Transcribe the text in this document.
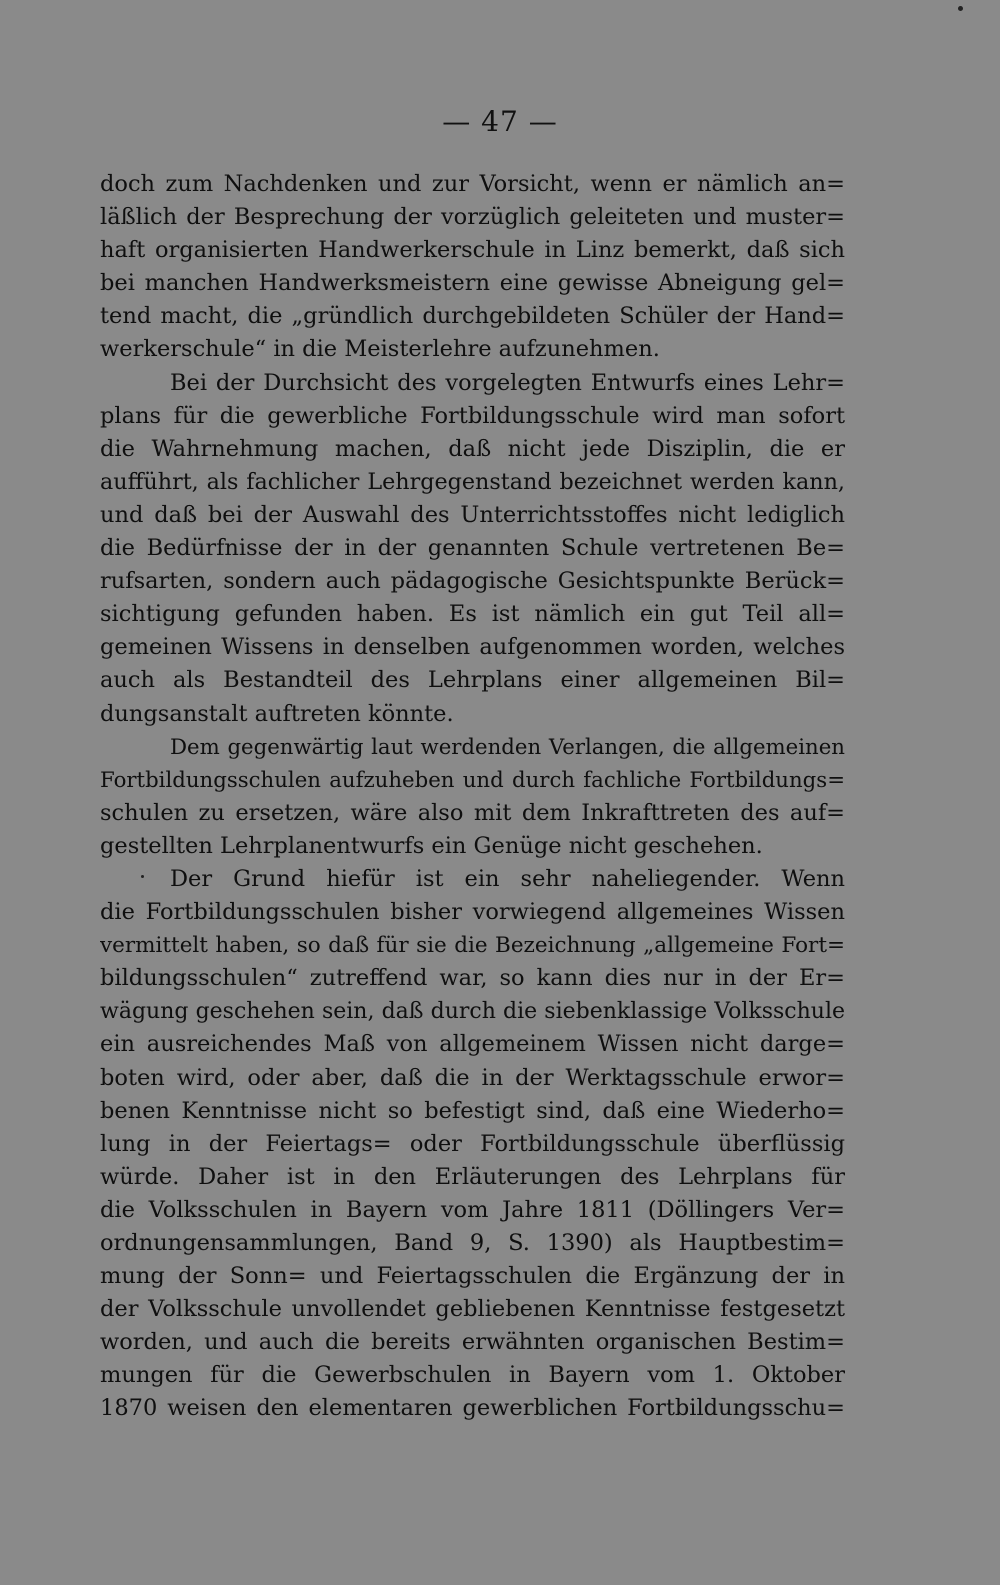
— 47 —
doch zum Nachdenken und zur Vorsicht, wenn er nämlich an=
läßlich der Besprechung der vorzüglich geleiteten und muster=
haft organisierten Handwerkerschule in Linz bemerkt, daß sich
bei manchen Handwerksmeistern eine gewisse Abneigung gel=
tend macht, die „gründlich durchgebildeten Schüler der Hand=
werkerschule“ in die Meisterlehre aufzunehmen.
Bei der Durchsicht des vorgelegten Entwurfs eines Lehr=
plans für die gewerbliche Fortbildungsschule wird man sofort
die Wahrnehmung machen, daß nicht jede Disziplin, die er
aufführt, als fachlicher Lehrgegenstand bezeichnet werden kann,
und daß bei der Auswahl des Unterrichtsstoffes nicht lediglich
die Bedürfnisse der in der genannten Schule vertretenen Be=
rufsarten, sondern auch pädagogische Gesichtspunkte Berück=
sichtigung gefunden haben. Es ist nämlich ein gut Teil all=
gemeinen Wissens in denselben aufgenommen worden, welches
auch als Bestandteil des Lehrplans einer allgemeinen Bil=
dungsanstalt auftreten könnte.
Dem gegenwärtig laut werdenden Verlangen, die allgemeinen
Fortbildungsschulen aufzuheben und durch fachliche Fortbildungs=
schulen zu ersetzen, wäre also mit dem Inkrafttreten des auf=
gestellten Lehrplanentwurfs ein Genüge nicht geschehen.
Der Grund hiefür ist ein sehr naheliegender. Wenn
die Fortbildungsschulen bisher vorwiegend allgemeines Wissen
vermittelt haben, so daß für sie die Bezeichnung „allgemeine Fort=
bildungsschulen“ zutreffend war, so kann dies nur in der Er=
wägung geschehen sein, daß durch die siebenklassige Volksschule
ein ausreichendes Maß von allgemeinem Wissen nicht darge=
boten wird, oder aber, daß die in der Werktagsschule erwor=
benen Kenntnisse nicht so befestigt sind, daß eine Wiederho=
lung in der Feiertags= oder Fortbildungsschule überflüssig
würde. Daher ist in den Erläuterungen des Lehrplans für
die Volksschulen in Bayern vom Jahre 1811 (Döllingers Ver=
ordnungensammlungen, Band 9, S. 1390) als Hauptbestim=
mung der Sonn= und Feiertagsschulen die Ergänzung der in
der Volksschule unvollendet gebliebenen Kenntnisse festgesetzt
worden, und auch die bereits erwähnten organischen Bestim=
mungen für die Gewerbschulen in Bayern vom 1. Oktober
1870 weisen den elementaren gewerblichen Fortbildungsschu=
